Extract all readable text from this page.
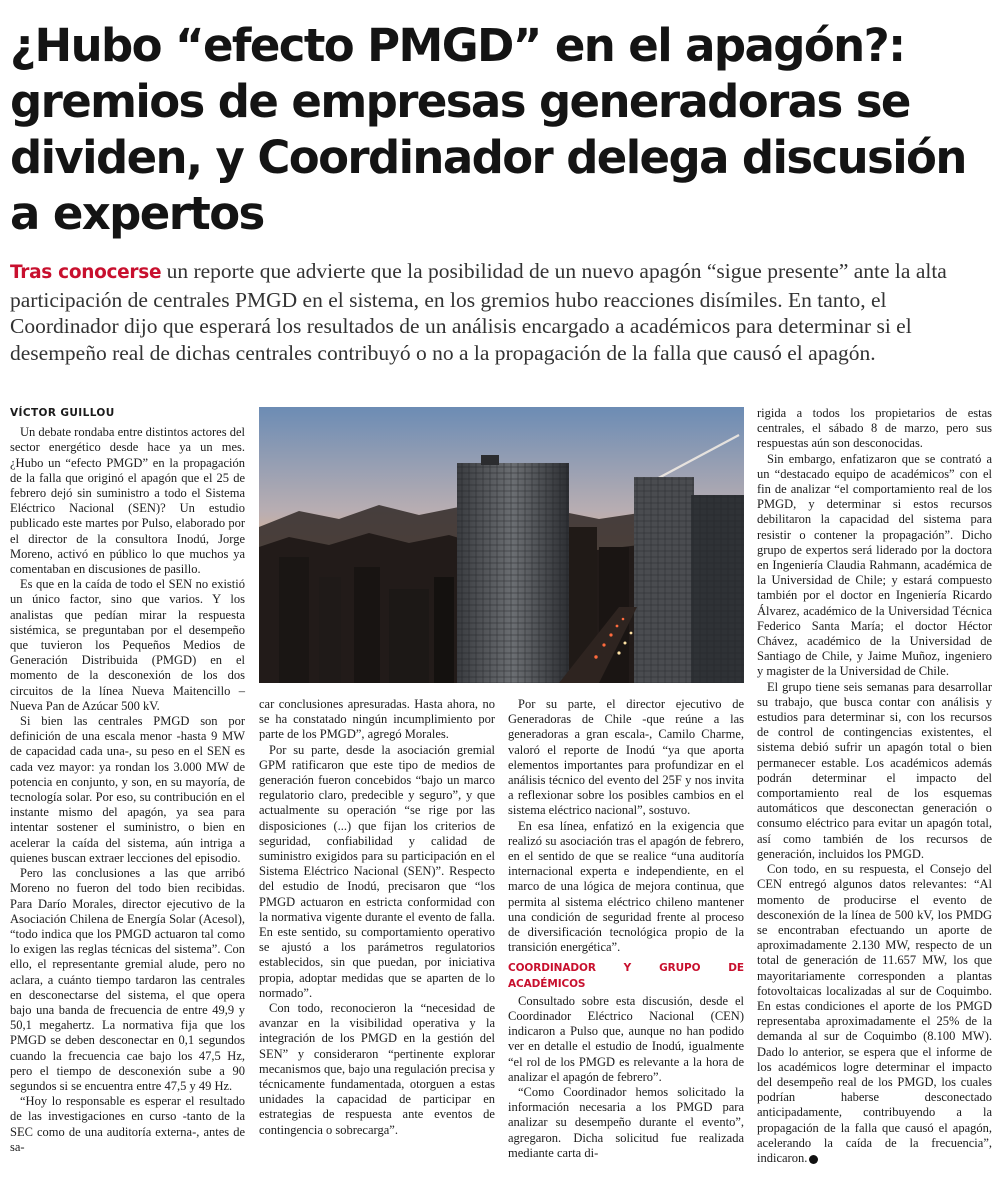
¿Hubo “efecto PMGD” en el apagón?: gremios de empresas generadoras se dividen, y Coordinador delega discusión a expertos

Tras conocerse un reporte que advierte que la posibilidad de un nuevo apagón “sigue presente” ante la alta participación de centrales PMGD en el sistema, en los gremios hubo reacciones disímiles. En tanto, el Coordinador dijo que esperará los resultados de un análisis encargado a académicos para determinar si el desempeño real de dichas centrales contribuyó o no a la propagación de la falla que causó el apagón.

VÍCTOR GUILLOU

Un debate rondaba entre distintos actores del sector energético desde hace ya un mes. ¿Hubo un “efecto PMGD” en la propagación de la falla que originó el apagón que el 25 de febrero dejó sin suministro a todo el Sistema Eléctrico Nacional (SEN)? Un estudio publicado este martes por Pulso, elaborado por el director de la consultora Inodú, Jorge Moreno, activó en público lo que muchos ya comentaban en discusiones de pasillo.

Es que en la caída de todo el SEN no existió un único factor, sino que varios. Y los analistas que pedían mirar la respuesta sistémica, se preguntaban por el desempeño que tuvieron los Pequeños Medios de Generación Distribuida (PMGD) en el momento de la desconexión de los dos circuitos de la línea Nueva Maitencillo – Nueva Pan de Azúcar 500 kV.

Si bien las centrales PMGD son por definición de una escala menor -hasta 9 MW de capacidad cada una-, su peso en el SEN es cada vez mayor: ya rondan los 3.000 MW de potencia en conjunto, y son, en su mayoría, de tecnología solar. Por eso, su contribución en el instante mismo del apagón, ya sea para intentar sostener el suministro, o bien en acelerar la caída del sistema, aún intriga a quienes buscan extraer lecciones del episodio.

Pero las conclusiones a las que arribó Moreno no fueron del todo bien recibidas. Para Darío Morales, director ejecutivo de la Asociación Chilena de Energía Solar (Acesol), “todo indica que los PMGD actuaron tal como lo exigen las reglas técnicas del sistema”. Con ello, el representante gremial alude, pero no aclara, a cuánto tiempo tardaron las centrales en desconectarse del sistema, el que opera bajo una banda de frecuencia de entre 49,9 y 50,1 megahertz. La normativa fija que los PMGD se deben desconectar en 0,1 segundos cuando la frecuencia cae bajo los 47,5 Hz, pero el tiempo de desconexión sube a 90 segundos si se encuentra entre 47,5 y 49 Hz.

“Hoy lo responsable es esperar el resultado de las investigaciones en curso -tanto de la SEC como de una auditoría externa-, antes de sa-

car conclusiones apresuradas. Hasta ahora, no se ha constatado ningún incumplimiento por parte de los PMGD”, agregó Morales.

Por su parte, desde la asociación gremial GPM ratificaron que este tipo de medios de generación fueron concebidos “bajo un marco regulatorio claro, predecible y seguro”, y que actualmente su operación “se rige por las disposiciones (...) que fijan los criterios de seguridad, confiabilidad y calidad de suministro exigidos para su participación en el Sistema Eléctrico Nacional (SEN)”. Respecto del estudio de Inodú, precisaron que “los PMGD actuaron en estricta conformidad con la normativa vigente durante el evento de falla. En este sentido, su comportamiento operativo se ajustó a los parámetros regulatorios establecidos, sin que puedan, por iniciativa propia, adoptar medidas que se aparten de lo normado”.

Con todo, reconocieron la “necesidad de avanzar en la visibilidad operativa y la integración de los PMGD en la gestión del SEN” y consideraron “pertinente explorar mecanismos que, bajo una regulación precisa y técnicamente fundamentada, otorguen a estas unidades la capacidad de participar en estrategias de respuesta ante eventos de contingencia o sobrecarga”.

Por su parte, el director ejecutivo de Generadoras de Chile -que reúne a las generadoras a gran escala-, Camilo Charme, valoró el reporte de Inodú “ya que aporta elementos importantes para profundizar en el análisis técnico del evento del 25F y nos invita a reflexionar sobre los posibles cambios en el sistema eléctrico nacional”, sostuvo.

En esa línea, enfatizó en la exigencia que realizó su asociación tras el apagón de febrero, en el sentido de que se realice “una auditoría internacional experta e independiente, en el marco de una lógica de mejora continua, que permita al sistema eléctrico chileno mantener una condición de seguridad frente al proceso de diversificación tecnológica propio de la transición energética”.

COORDINADOR Y GRUPO DE ACADÉMICOS

Consultado sobre esta discusión, desde el Coordinador Eléctrico Nacional (CEN) indicaron a Pulso que, aunque no han podido ver en detalle el estudio de Inodú, igualmente “el rol de los PMGD es relevante a la hora de analizar el apagón de febrero”.

“Como Coordinador hemos solicitado la información necesaria a los PMGD para analizar su desempeño durante el evento”, agregaron. Dicha solicitud fue realizada mediante carta di-

rigida a todos los propietarios de estas centrales, el sábado 8 de marzo, pero sus respuestas aún son desconocidas.

Sin embargo, enfatizaron que se contrató a un “destacado equipo de académicos” con el fin de analizar “el comportamiento real de los PMGD, y determinar si estos recursos debilitaron la capacidad del sistema para resistir o contener la propagación”. Dicho grupo de expertos será liderado por la doctora en Ingeniería Claudia Rahmann, académica de la Universidad de Chile; y estará compuesto también por el doctor en Ingeniería Ricardo Álvarez, académico de la Universidad Técnica Federico Santa María; el doctor Héctor Chávez, académico de la Universidad de Santiago de Chile, y Jaime Muñoz, ingeniero y magister de la Universidad de Chile.

El grupo tiene seis semanas para desarrollar su trabajo, que busca contar con análisis y estudios para determinar si, con los recursos de control de contingencias existentes, el sistema debió sufrir un apagón total o bien permanecer estable. Los académicos además podrán determinar el impacto del comportamiento real de los esquemas automáticos que desconectan generación o consumo eléctrico para evitar un apagón total, así como también de los recursos de generación, incluidos los PMGD.

Con todo, en su respuesta, el Consejo del CEN entregó algunos datos relevantes: “Al momento de producirse el evento de desconexión de la línea de 500 kV, los PMDG se encontraban efectuando un aporte de aproximadamente 2.130 MW, respecto de un total de generación de 11.657 MW, los que mayoritariamente corresponden a plantas fotovoltaicas localizadas al sur de Coquimbo. En estas condiciones el aporte de los PMGD representaba aproximadamente el 25% de la demanda al sur de Coquimbo (8.100 MW). Dado lo anterior, se espera que el informe de los académicos logre determinar el impacto del desempeño real de los PMGD, los cuales podrían haberse desconectado anticipadamente, contribuyendo a la propagación de la falla que causó el apagón, acelerando la caída de la frecuencia”, indicaron.
